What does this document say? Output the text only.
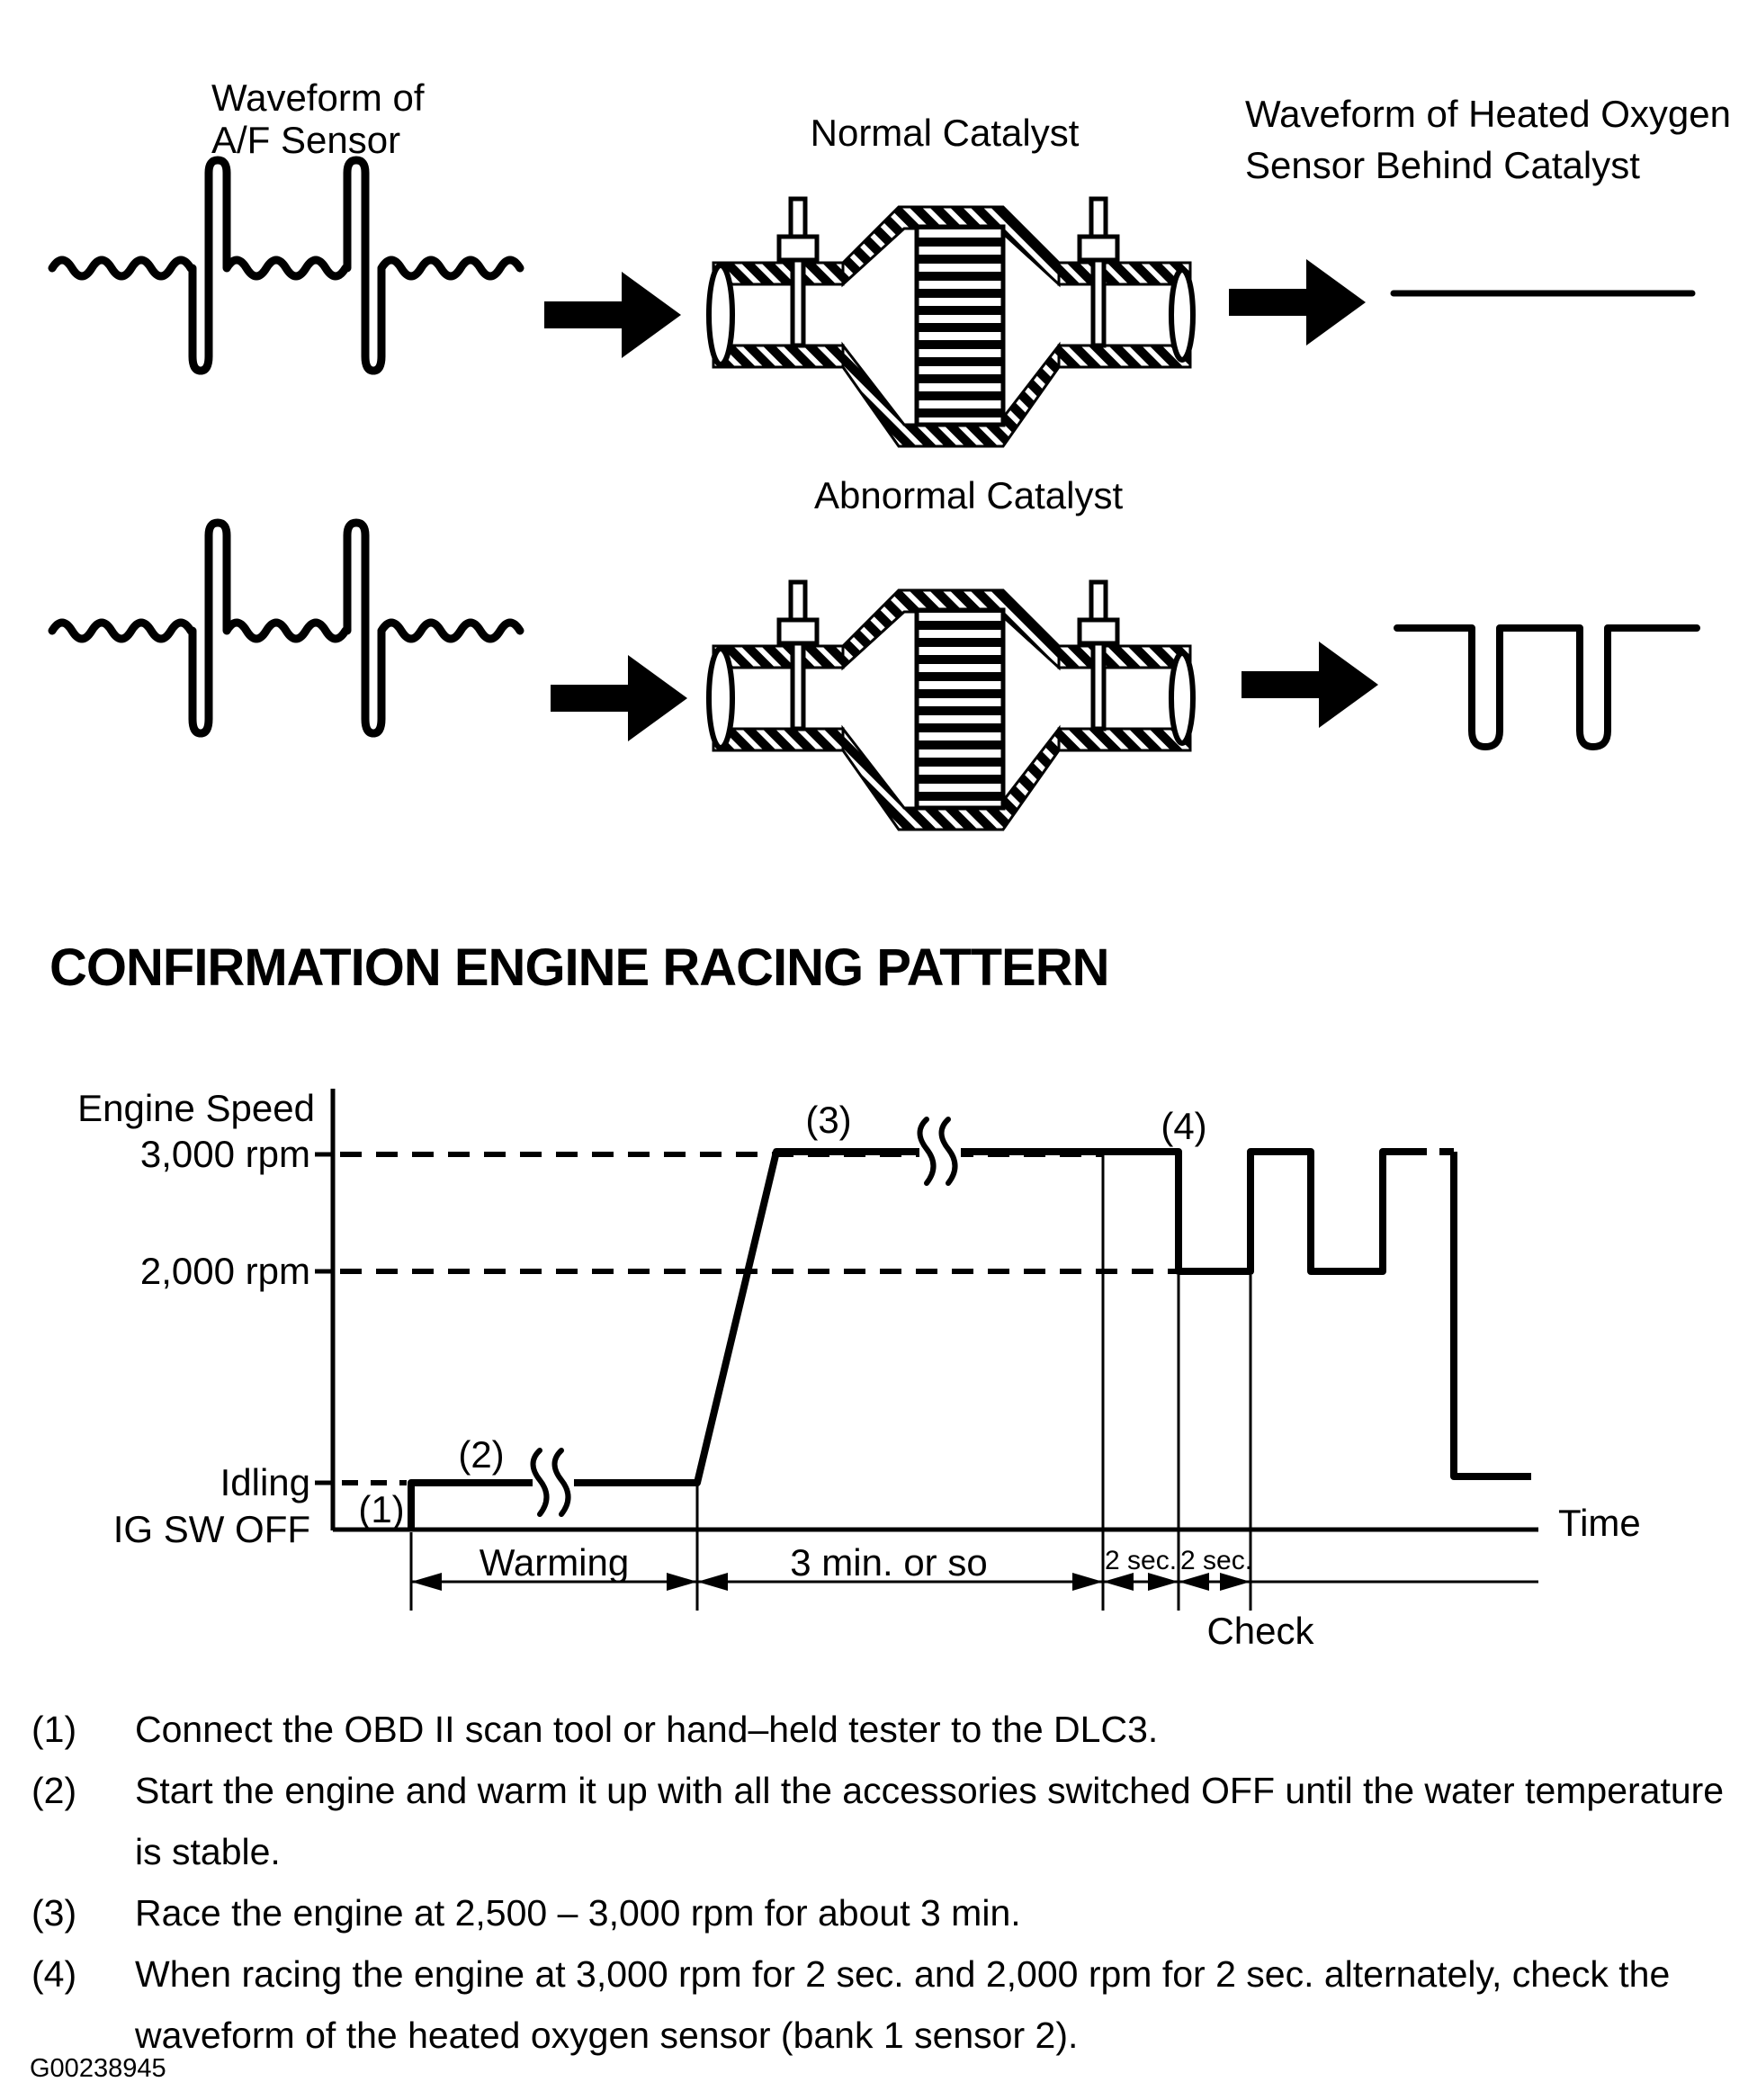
Waveform of
A/F Sensor	Normal Catalyst	Waveform of Heated Oxygen
Sensor Behind Catalyst
Abnormal Catalyst
CONFIRMATION ENGINE RACING PATTERN
Engine Speed
3,000 rpm
2,000 rpm
Idling
IG SW OFF	Time
(1)
(2)
(3)	(4)
Warming	3 min. or so	2 sec. 2 sec.
Check
(1) Connect the OBD II scan tool or hand–held tester to the DLC3.
(2) Start the engine and warm it up with all the accessories switched OFF until the water temperature
is stable.
(3) Race the engine at 2,500 – 3,000 rpm for about 3 min.
(4) When racing the engine at 3,000 rpm for 2 sec. and 2,000 rpm for 2 sec. alternately, check the
waveform of the heated oxygen sensor (bank 1 sensor 2).
G00238945
